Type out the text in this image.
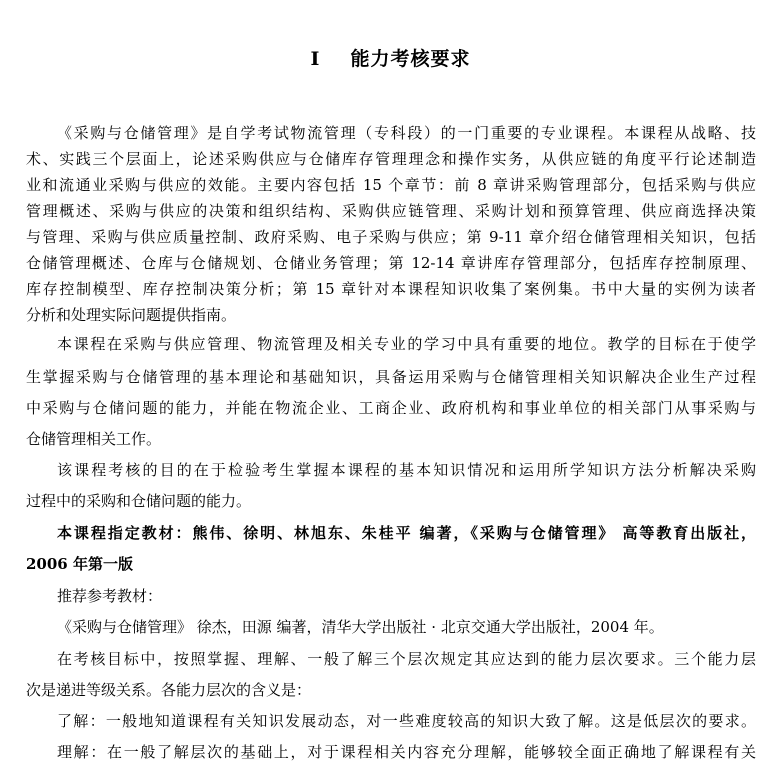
I 能力考核要求
《采购与仓储管理》是自学考试物流管理（专科段）的一门重要的专业课程。本课程从战略、技
术、实践三个层面上，论述采购供应与仓储库存管理理念和操作实务，从供应链的角度平行论述制造
业和流通业采购与供应的效能。主要内容包括 15 个章节：前 8 章讲采购管理部分，包括采购与供应
管理概述、采购与供应的决策和组织结构、采购供应链管理、采购计划和预算管理、供应商选择决策
与管理、采购与供应质量控制、政府采购、电子采购与供应；第 9-11 章介绍仓储管理相关知识，包括
仓储管理概述、仓库与仓储规划、仓储业务管理；第 12-14 章讲库存管理部分，包括库存控制原理、
库存控制模型、库存控制决策分析；第 15 章针对本课程知识收集了案例集。书中大量的实例为读者
分析和处理实际问题提供指南。
本课程在采购与供应管理、物流管理及相关专业的学习中具有重要的地位。教学的目标在于使学
生掌握采购与仓储管理的基本理论和基础知识，具备运用采购与仓储管理相关知识解决企业生产过程
中采购与仓储问题的能力，并能在物流企业、工商企业、政府机构和事业单位的相关部门从事采购与
仓储管理相关工作。
该课程考核的目的在于检验考生掌握本课程的基本知识情况和运用所学知识方法分析解决采购
过程中的采购和仓储问题的能力。
本课程指定教材：熊伟、徐明、林旭东、朱桂平 编著，《采购与仓储管理》 高等教育出版社，
2006 年第一版
推荐参考教材：
《采购与仓储管理》 徐杰，田源 编著，清华大学出版社 · 北京交通大学出版社，2004 年。
在考核目标中，按照掌握、理解、一般了解三个层次规定其应达到的能力层次要求。三个能力层
次是递进等级关系。各能力层次的含义是：
了解：一般地知道课程有关知识发展动态，对一些难度较高的知识大致了解。这是低层次的要求。
理解：在一般了解层次的基础上，对于课程相关内容充分理解，能够较全面正确地了解课程有关
